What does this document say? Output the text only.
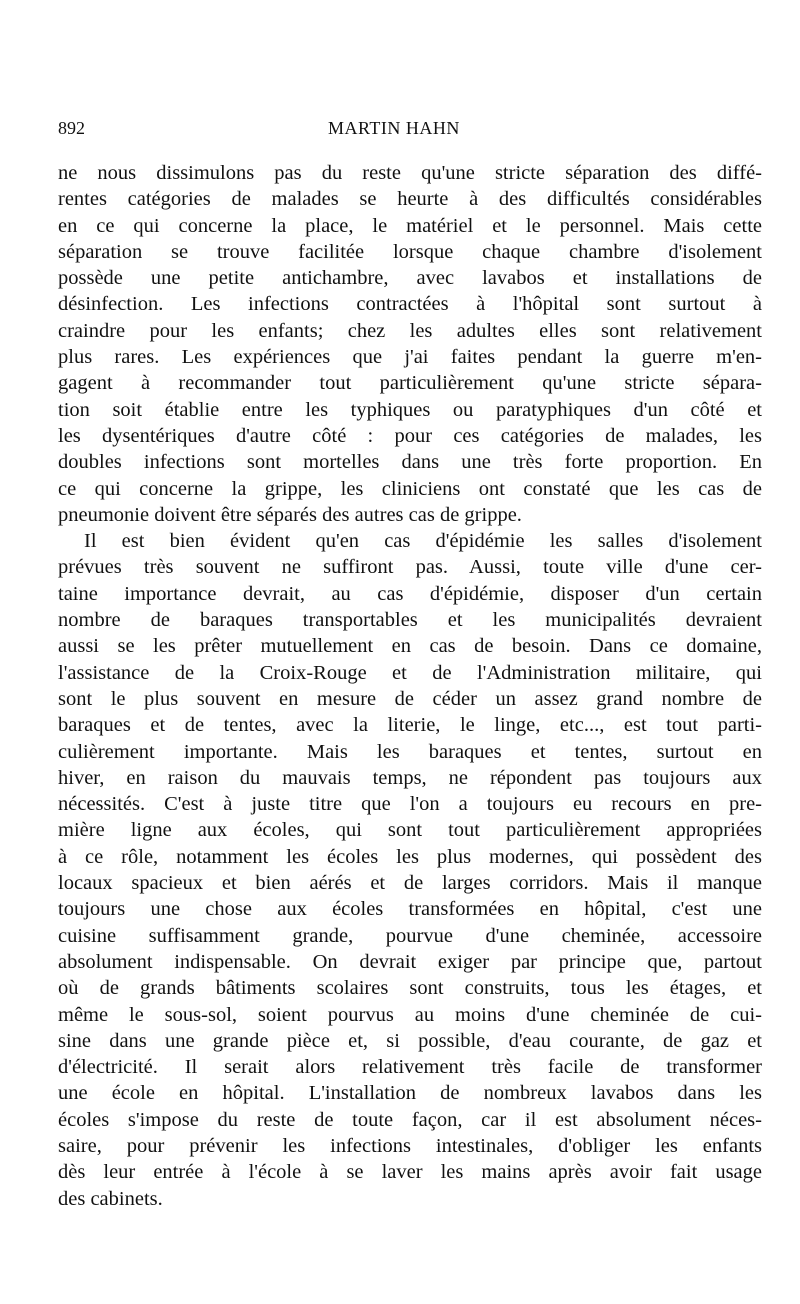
892	MARTIN HAHN

ne nous dissimulons pas du reste qu'une stricte séparation des diffé-
rentes catégories de malades se heurte à des difficultés considérables
en ce qui concerne la place, le matériel et le personnel. Mais cette
séparation se trouve facilitée lorsque chaque chambre d'isolement
possède une petite antichambre, avec lavabos et installations de
désinfection. Les infections contractées à l'hôpital sont surtout à
craindre pour les enfants; chez les adultes elles sont relativement
plus rares. Les expériences que j'ai faites pendant la guerre m'en-
gagent à recommander tout particulièrement qu'une stricte sépara-
tion soit établie entre les typhiques ou paratyphiques d'un côté et
les dysentériques d'autre côté : pour ces catégories de malades, les
doubles infections sont mortelles dans une très forte proportion. En
ce qui concerne la grippe, les cliniciens ont constaté que les cas de
pneumonie doivent être séparés des autres cas de grippe.

Il est bien évident qu'en cas d'épidémie les salles d'isolement
prévues très souvent ne suffiront pas. Aussi, toute ville d'une cer-
taine importance devrait, au cas d'épidémie, disposer d'un certain
nombre de baraques transportables et les municipalités devraient
aussi se les prêter mutuellement en cas de besoin. Dans ce domaine,
l'assistance de la Croix-Rouge et de l'Administration militaire, qui
sont le plus souvent en mesure de céder un assez grand nombre de
baraques et de tentes, avec la literie, le linge, etc..., est tout parti-
culièrement importante. Mais les baraques et tentes, surtout en
hiver, en raison du mauvais temps, ne répondent pas toujours aux
nécessités. C'est à juste titre que l'on a toujours eu recours en pre-
mière ligne aux écoles, qui sont tout particulièrement appropriées
à ce rôle, notamment les écoles les plus modernes, qui possèdent des
locaux spacieux et bien aérés et de larges corridors. Mais il manque
toujours une chose aux écoles transformées en hôpital, c'est une
cuisine suffisamment grande, pourvue d'une cheminée, accessoire
absolument indispensable. On devrait exiger par principe que, partout
où de grands bâtiments scolaires sont construits, tous les étages, et
même le sous-sol, soient pourvus au moins d'une cheminée de cui-
sine dans une grande pièce et, si possible, d'eau courante, de gaz et
d'électricité. Il serait alors relativement très facile de transformer
une école en hôpital. L'installation de nombreux lavabos dans les
écoles s'impose du reste de toute façon, car il est absolument néces-
saire, pour prévenir les infections intestinales, d'obliger les enfants
dès leur entrée à l'école à se laver les mains après avoir fait usage
des cabinets.
